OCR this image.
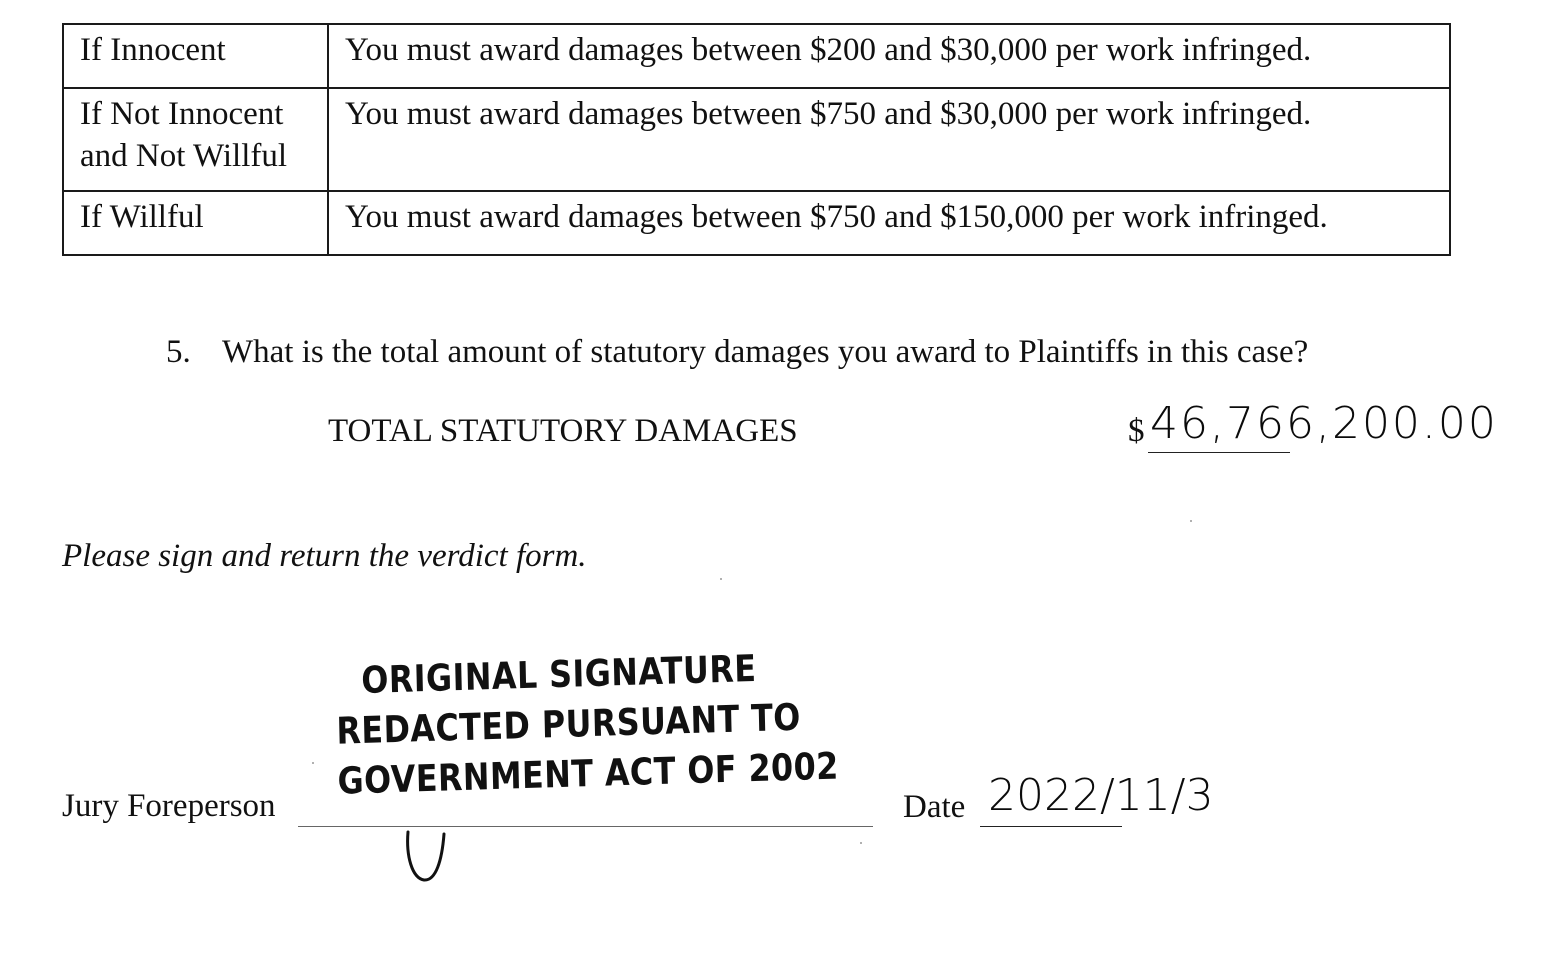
If Innocent	You must award damages between $200 and $30,000 per work infringed.
If Not Innocent
and Not Willful	You must award damages between $750 and $30,000 per work infringed.
If Willful	You must award damages between $750 and $150,000 per work infringed.
5. What is the total amount of statutory damages you award to Plaintiffs in this case?
TOTAL STATUTORY DAMAGES	$ 46,766,200.00
Please sign and return the verdict form.
ORIGINAL SIGNATURE
REDACTED PURSUANT TO
GOVERNMENT ACT OF 2002
Jury Foreperson	Date 2022/11/3
